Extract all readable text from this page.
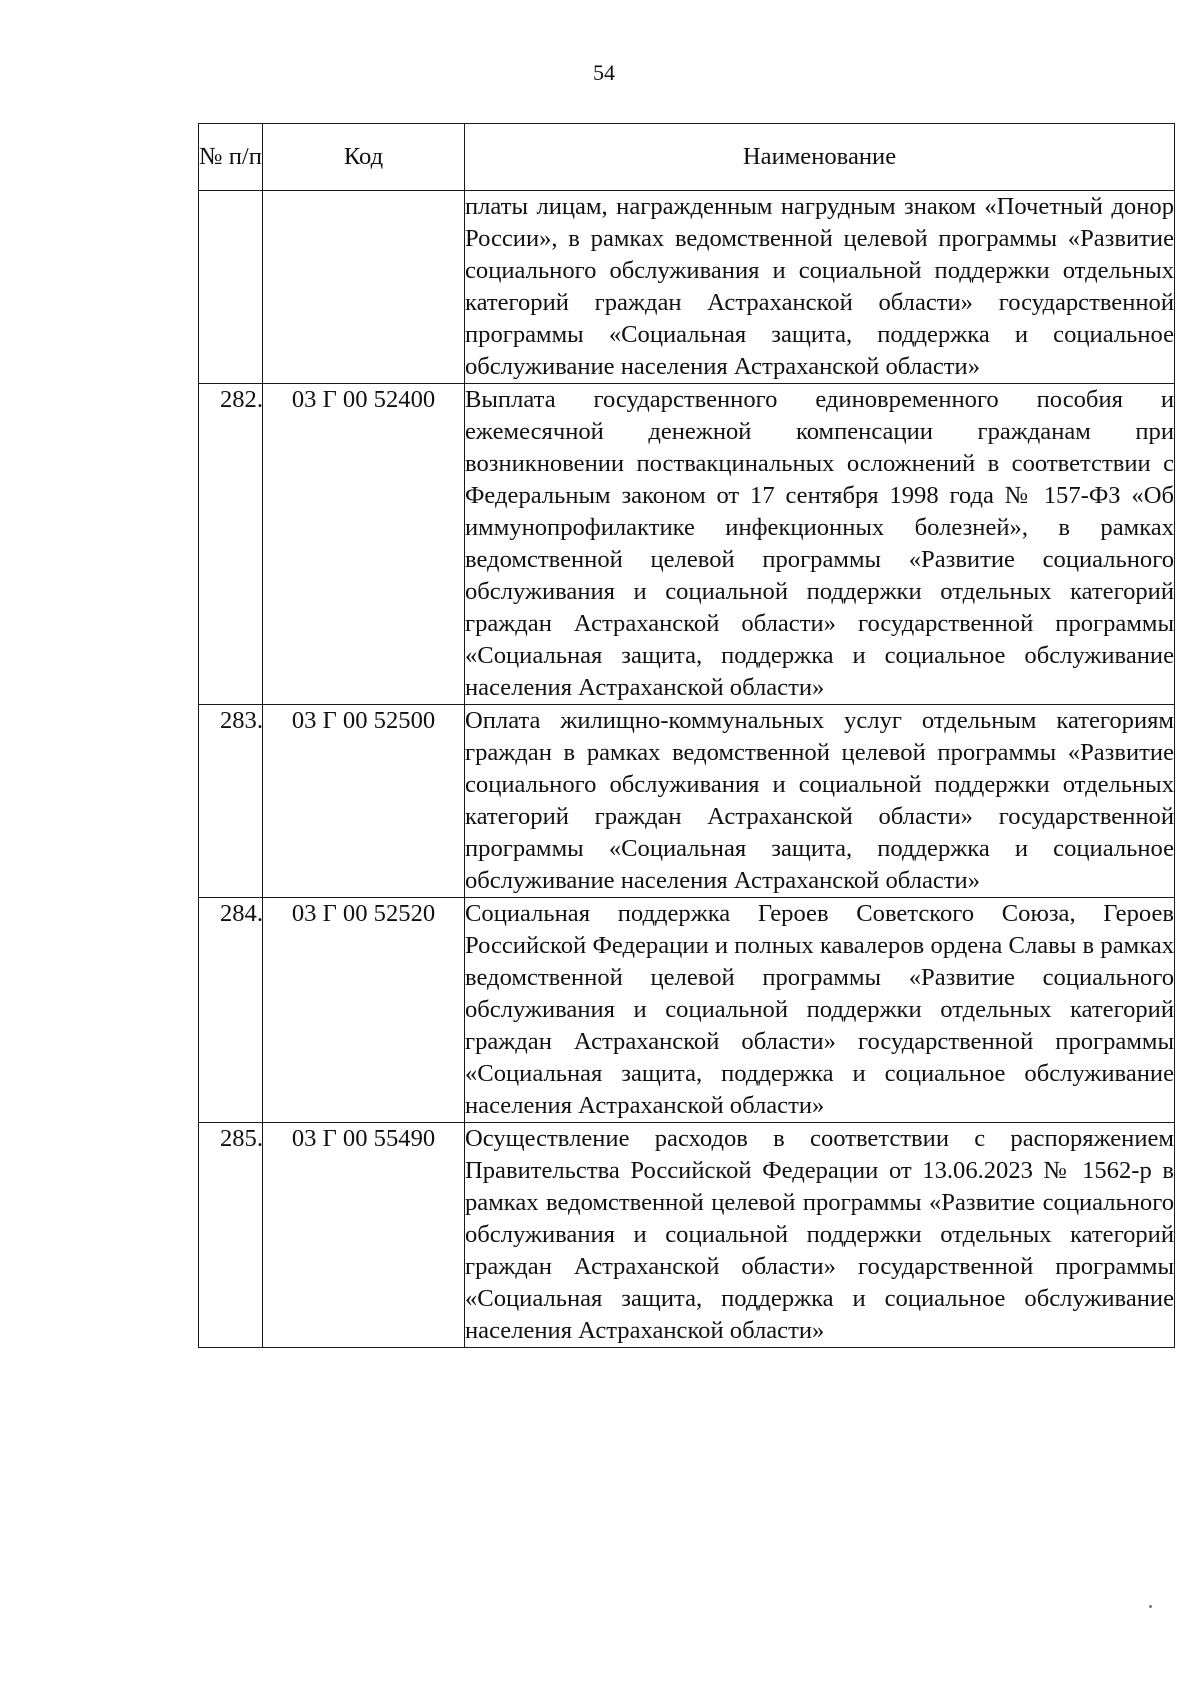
54
№ п/п	Код	Наименование
		платы лицам, награжденным нагрудным знаком «Почетный донор России», в рамках ведомственной целевой программы «Развитие социального обслуживания и социальной поддержки отдельных категорий граждан Астраханской области» государственной программы «Социальная защита, поддержка и социальное обслуживание населения Астраханской области»
282.	03 Г 00 52400	Выплата государственного единовременного пособия и ежемесячной денежной компенсации гражданам при возникновении поствакцинальных осложнений в соответствии с Федеральным законом от 17 сентября 1998 года № 157-ФЗ «Об иммунопрофилактике инфекционных болезней», в рамках ведомственной целевой программы «Развитие социального обслуживания и социальной поддержки отдельных категорий граждан Астраханской области» государственной программы «Социальная защита, поддержка и социальное обслуживание населения Астраханской области»
283.	03 Г 00 52500	Оплата жилищно-коммунальных услуг отдельным категориям граждан в рамках ведомственной целевой программы «Развитие социального обслуживания и социальной поддержки отдельных категорий граждан Астраханской области» государственной программы «Социальная защита, поддержка и социальное обслуживание населения Астраханской области»
284.	03 Г 00 52520	Социальная поддержка Героев Советского Союза, Героев Российской Федерации и полных кавалеров ордена Славы в рамках ведомственной целевой программы «Развитие социального обслуживания и социальной поддержки отдельных категорий граждан Астраханской области» государственной программы «Социальная защита, поддержка и социальное обслуживание населения Астраханской области»
285.	03 Г 00 55490	Осуществление расходов в соответствии с распоряжением Правительства Российской Федерации от 13.06.2023 № 1562-р в рамках ведомственной целевой программы «Развитие социального обслуживания и социальной поддержки отдельных категорий граждан Астраханской области» государственной программы «Социальная защита, поддержка и социальное обслуживание населения Астраханской области»
